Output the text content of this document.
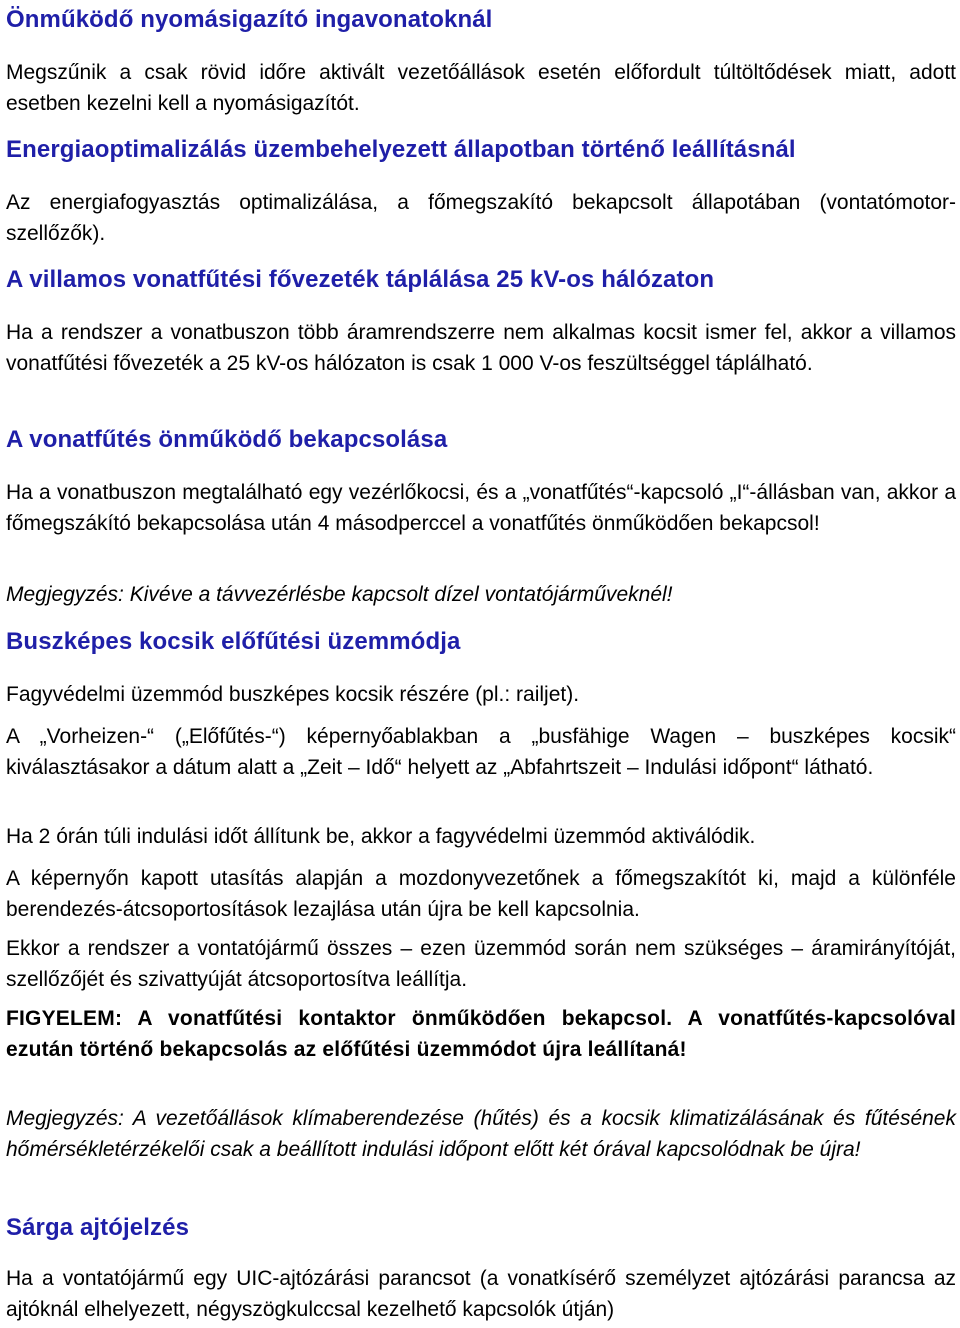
Önműködő nyomásigazító ingavonatoknál

Megszűnik a csak rövid időre aktivált vezetőállások esetén előfordult túltöltődések miatt, adott esetben kezelni kell a nyomásigazítót.

Energiaoptimalizálás üzembehelyezett állapotban történő leállításnál

Az energiafogyasztás optimalizálása, a főmegszakító bekapcsolt állapotában (vontatómotor-szellőzők).

A villamos vonatfűtési fővezeték táplálása 25 kV-os hálózaton

Ha a rendszer a vonatbuszon több áramrendszerre nem alkalmas kocsit ismer fel, akkor a villamos vonatfűtési fővezeték a 25 kV-os hálózaton is csak 1 000 V-os feszültséggel táplálható.

A vonatfűtés önműködő bekapcsolása

Ha a vonatbuszon megtalálható egy vezérlőkocsi, és a „vonatfűtés“-kapcsoló „I“-állásban van, akkor a főmegszákító bekapcsolása után 4 másodperccel a vonatfűtés önműködően bekapcsol!

Megjegyzés: Kivéve a távvezérlésbe kapcsolt dízel vontatójárműveknél!

Buszképes kocsik előfűtési üzemmódja

Fagyvédelmi üzemmód buszképes kocsik részére (pl.: railjet).

A „Vorheizen-“ („Előfűtés-“) képernyőablakban a „busfähige Wagen – buszképes kocsik“ kiválasztásakor a dátum alatt a „Zeit – Idő“ helyett az „Abfahrtszeit – Indulási időpont“ látható.

Ha 2 órán túli indulási időt állítunk be, akkor a fagyvédelmi üzemmód aktiválódik.

A képernyőn kapott utasítás alapján a mozdonyvezetőnek a főmegszakítót ki, majd a különféle berendezés-átcsoportosítások lezajlása után újra be kell kapcsolnia.

Ekkor a rendszer a vontatójármű összes – ezen üzemmód során nem szükséges – áramirányítóját, szellőzőjét és szivattyúját átcsoportosítva leállítja.

FIGYELEM: A vonatfűtési kontaktor önműködően bekapcsol. A vonatfűtés-kapcsolóval ezután történő bekapcsolás az előfűtési üzemmódot újra leállítaná!

Megjegyzés: A vezetőállások klímaberendezése (hűtés) és a kocsik klimatizálásának és fűtésének hőmérsékletérzékelői csak a beállított indulási időpont előtt két órával kapcsolódnak be újra!

Sárga ajtójelzés

Ha a vontatójármű egy UIC-ajtózárási parancsot (a vonatkísérő személyzet ajtózárási parancsa az ajtóknál elhelyezett, négyszögkulccsal kezelhető kapcsolók útján)
